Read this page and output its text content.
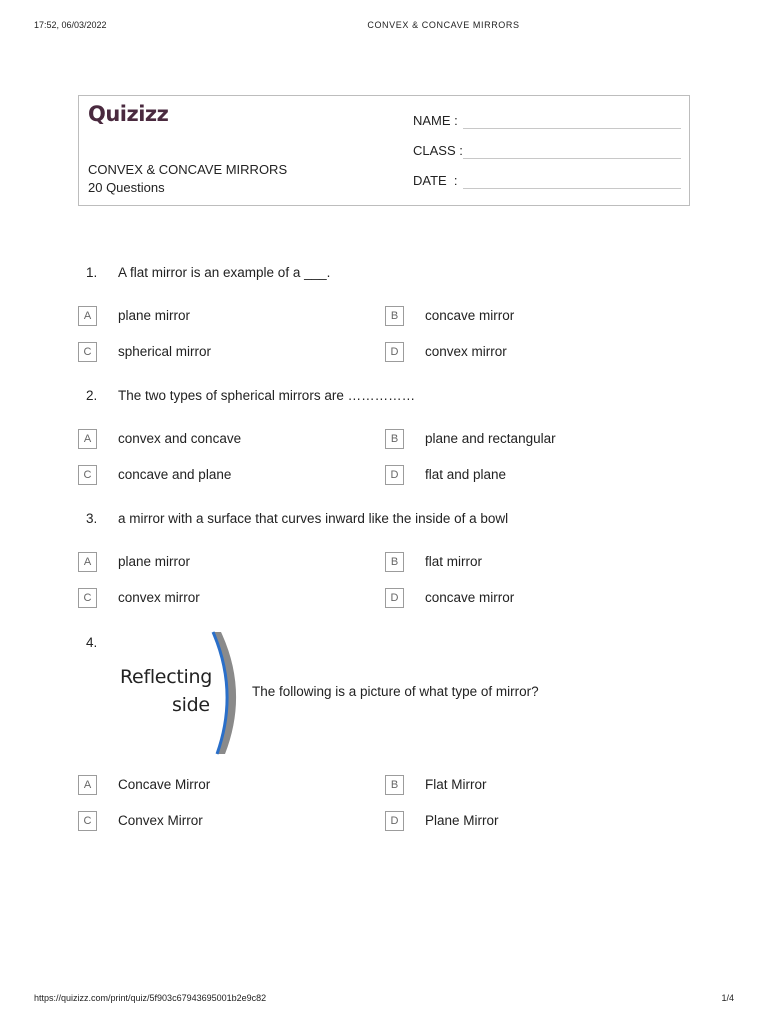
17:52, 06/03/2022	CONVEX & CONCAVE MIRRORS
Quizizz
CONVEX & CONCAVE MIRRORS
20 Questions
NAME :
CLASS :
DATE  :
1. A flat mirror is an example of a ___.
A	plane mirror	B	concave mirror
C	spherical mirror	D	convex mirror
2. The two types of spherical mirrors are ……………
A	convex and concave	B	plane and rectangular
C	concave and plane	D	flat and plane
3. a mirror with a surface that curves inward like the inside of a bowl
A	plane mirror	B	flat mirror
C	convex mirror	D	concave mirror
4.
Reflecting
side
The following is a picture of what type of mirror?
A	Concave Mirror	B	Flat Mirror
C	Convex Mirror	D	Plane Mirror
https://quizizz.com/print/quiz/5f903c67943695001b2e9c82	1/4
